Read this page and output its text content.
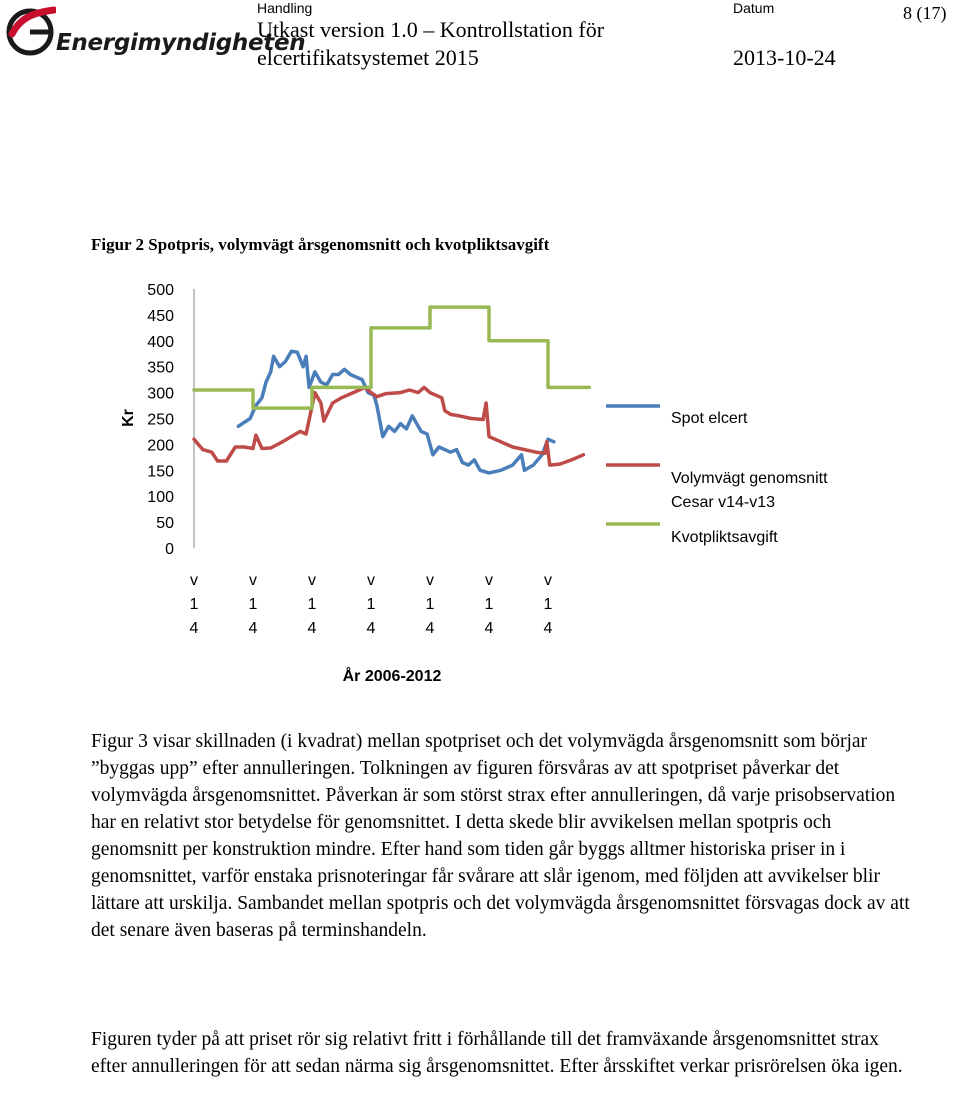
Energimyndigheten
Handling
Utkast version 1.0 – Kontrollstation för
elcertifikatsystemet 2015
Datum
2013-10-24
8 (17)
Figur 2 Spotpris, volymvägt årsgenomsnitt och kvotpliktsavgift
0
50
100
150
200
250
300
350
400
450
500
Kr
v
1
4
v
1
4
v
1
4
v
1
4
v
1
4
v
1
4
v
1
4
År 2006-2012
Spot elcert
Volymvägt genomsnitt
Cesar v14-v13
Kvotpliktsavgift

Figur 3 visar skillnaden (i kvadrat) mellan spotpriset och det volymvägda årsgenomsnitt som börjar ”byggas upp” efter annulleringen. Tolkningen av figuren försvåras av att spotpriset påverkar det volymvägda årsgenomsnittet. Påverkan är som störst strax efter annulleringen, då varje prisobservation har en relativt stor betydelse för genomsnittet. I detta skede blir avvikelsen mellan spotpris och genomsnitt per konstruktion mindre. Efter hand som tiden går byggs alltmer historiska priser in i genomsnittet, varför enstaka prisnoteringar får svårare att slår igenom, med följden att avvikelser blir lättare att urskilja. Sambandet mellan spotpris och det volymvägda årsgenomsnittet försvagas dock av att det senare även baseras på terminshandeln.

Figuren tyder på att priset rör sig relativt fritt i förhållande till det framväxande årsgenomsnittet strax efter annulleringen för att sedan närma sig årsgenomsnittet. Efter årsskiftet verkar prisrörelsen öka igen.
